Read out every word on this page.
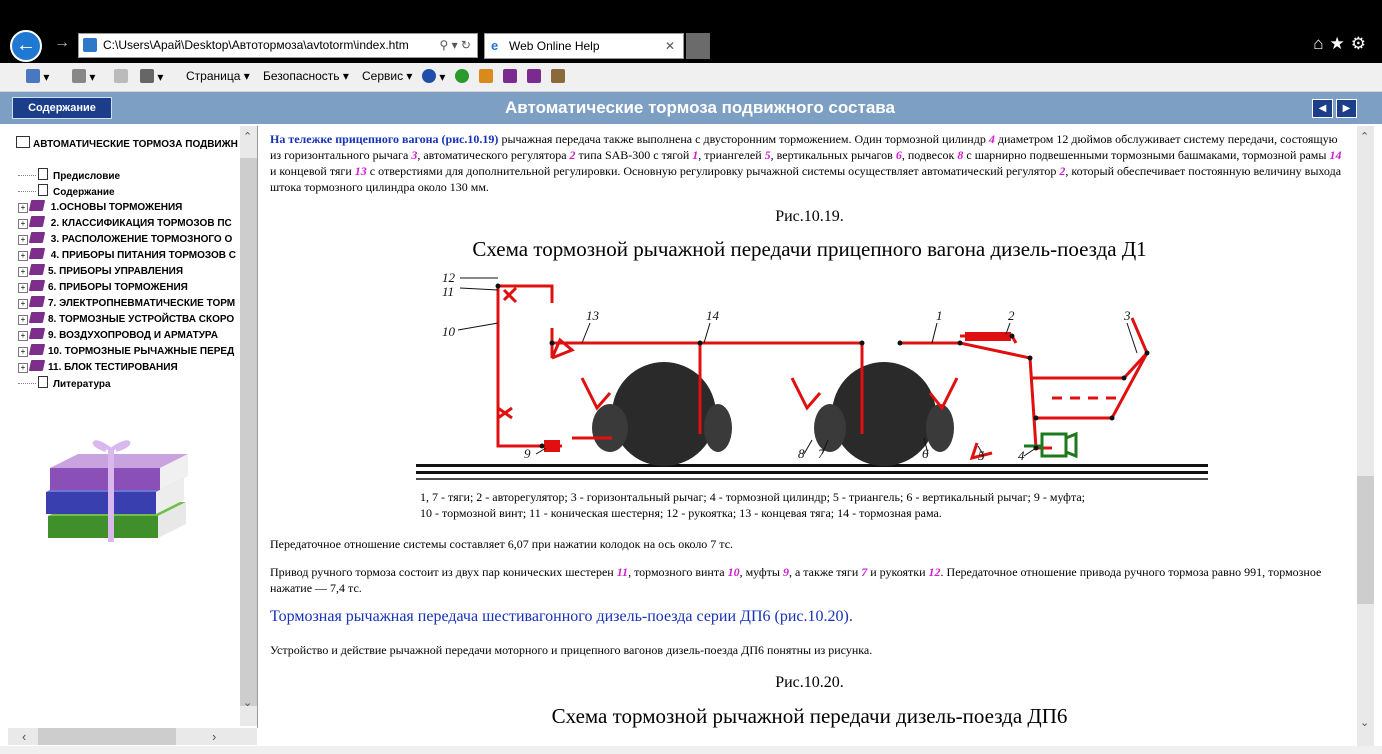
←	→	C:\Users\Арай\Desktop\Автотормоза\avtotorm\index.htm	⚲ ▾ ↻ e Web Online Help	✕	⌂★⚙
▾	▾	▾ Страница ▾ Безопасность ▾ Сервис ▾	▾
Содержание	Автоматические тормоза подвижного состава	◀	▶
АВТОМАТИЧЕСКИЕ ТОРМОЗА ПОДВИЖН
Предисловие
Содержание
+ 1.ОСНОВЫ ТОРМОЖЕНИЯ
+ 2. КЛАССИФИКАЦИЯ ТОРМОЗОВ ПС
+ 3. РАСПОЛОЖЕНИЕ ТОРМОЗНОГО О
+ 4. ПРИБОРЫ ПИТАНИЯ ТОРМОЗОВ С
+ 5. ПРИБОРЫ УПРАВЛЕНИЯ
+ 6. ПРИБОРЫ ТОРМОЖЕНИЯ
+ 7. ЭЛЕКТРОПНЕВМАТИЧЕСКИЕ ТОРМ
+ 8. ТОРМОЗНЫЕ УСТРОЙСТВА СКОРО
+ 9. ВОЗДУХОПРОВОД И АРМАТУРА
+ 10. ТОРМОЗНЫЕ РЫЧАЖНЫЕ ПЕРЕД
+ 11. БЛОК ТЕСТИРОВАНИЯ
Литература
⌃
⌄
‹	›
На тележке прицепного вагона (рис.10.19) рычажная передача также выполнена с двусторонним торможением. Один тормозной цилиндр 4 диаметром 12 дюймов обслуживает систему передачи, состоящую из горизонтального рычага 3, автоматического регулятора 2 типа SAB-300 с тягой 1, триангелей 5, вертикальных рычагов 6, подвесок 8 с шарнирно подвешенными тормозными башмаками, тормозной рамы 14 и концевой тяги 13 с отверстиями для дополнительной регулировки. Основную регулировку рычажной системы осуществляет автоматический регулятор 2, который обеспечивает постоянную величину выхода штока тормозного цилиндра около 130 мм.
Рис.10.19.
Схема тормозной рычажной передачи прицепного вагона дизель-поезда Д1
12
11
10
13	14	1	2	3
9	8 7	6	5	4
1, 7 - тяги; 2 - авторегулятор; 3 - горизонтальный рычаг; 4 - тормозной цилиндр; 5 - триангель; 6 - вертикальный рычаг; 9 - муфта;
10 - тормозной винт; 11 - коническая шестерня; 12 - рукоятка; 13 - концевая тяга; 14 - тормозная рама.
Передаточное отношение системы составляет 6,07 при нажатии колодок на ось около 7 тс.
Привод ручного тормоза состоит из двух пар конических шестерен 11, тормозного винта 10, муфты 9, а также тяги 7 и рукоятки 12. Передаточное отношение привода ручного тормоза равно 991, тормозное нажатие — 7,4 тс.
Тормозная рычажная передача шестивагонного дизель-поезда серии ДП6 (рис.10.20).
Устройство и действие рычажной передачи моторного и прицепного вагонов дизель-поезда ДП6 понятны из рисунка.
Рис.10.20.
Схема тормозной рычажной передачи дизель-поезда ДП6
⌃
⌄
